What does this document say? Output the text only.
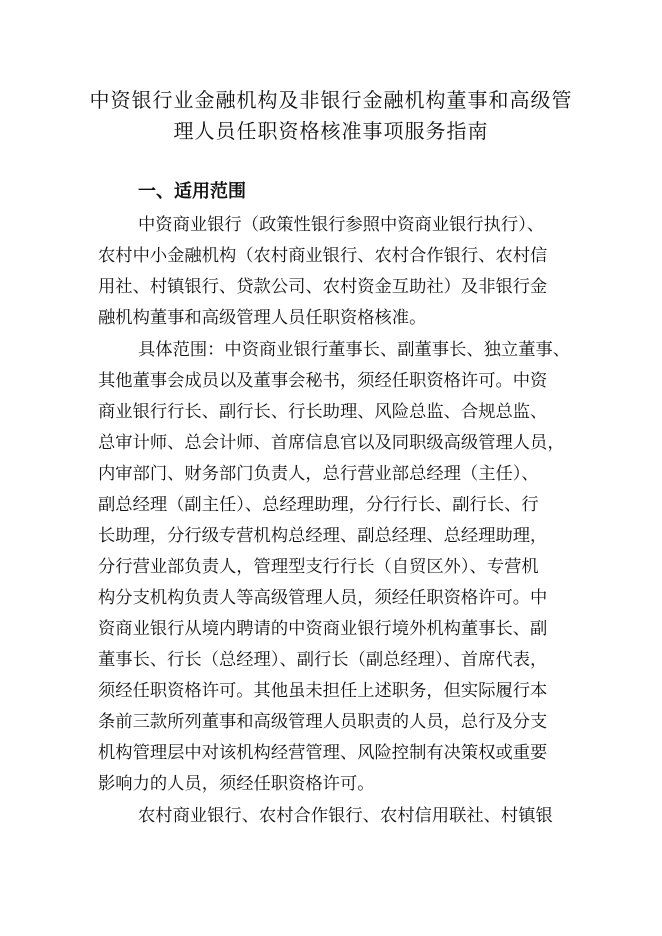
中资银行业金融机构及非银行金融机构董事和高级管
理人员任职资格核准事项服务指南
一、适用范围
中资商业银行（政策性银行参照中资商业银行执行）、
农村中小金融机构（农村商业银行、农村合作银行、农村信
用社、村镇银行、贷款公司、农村资金互助社）及非银行金
融机构董事和高级管理人员任职资格核准。
具体范围：中资商业银行董事长、副董事长、独立董事、
其他董事会成员以及董事会秘书，须经任职资格许可。中资
商业银行行长、副行长、行长助理、风险总监、合规总监、
总审计师、总会计师、首席信息官以及同职级高级管理人员，
内审部门、财务部门负责人，总行营业部总经理（主任）、
副总经理（副主任）、总经理助理，分行行长、副行长、行
长助理，分行级专营机构总经理、副总经理、总经理助理，
分行营业部负责人，管理型支行行长（自贸区外）、专营机
构分支机构负责人等高级管理人员，须经任职资格许可。中
资商业银行从境内聘请的中资商业银行境外机构董事长、副
董事长、行长（总经理）、副行长（副总经理）、首席代表，
须经任职资格许可。其他虽未担任上述职务，但实际履行本
条前三款所列董事和高级管理人员职责的人员，总行及分支
机构管理层中对该机构经营管理、风险控制有决策权或重要
影响力的人员，须经任职资格许可。
农村商业银行、农村合作银行、农村信用联社、村镇银
